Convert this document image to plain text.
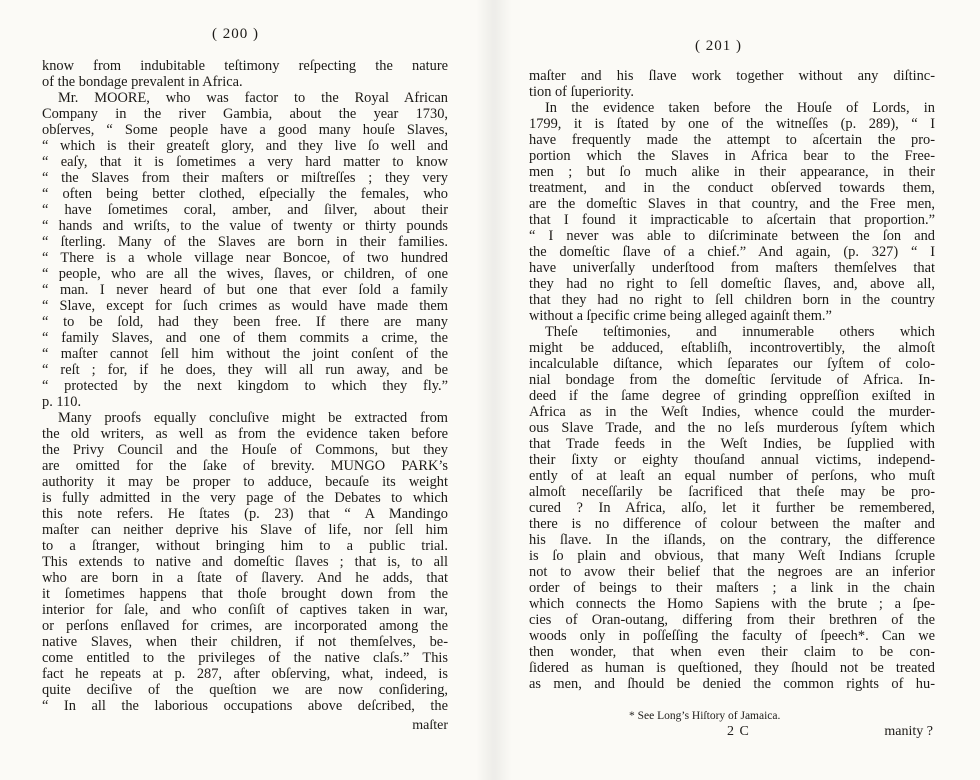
( 200 )
know from indubitable teſtimony reſpecting the nature
of the bondage prevalent in Africa.
Mr. MOORE, who was factor to the Royal African
Company in the river Gambia, about the year 1730,
obſerves, “ Some people have a good many houſe Slaves,
“ which is their greateſt glory, and they live ſo well and
“ eaſy, that it is ſometimes a very hard matter to know
“ the Slaves from their maſters or miſtreſſes ; they very
“ often being better clothed, eſpecially the females, who
“ have ſometimes coral, amber, and ſilver, about their
“ hands and wriſts, to the value of twenty or thirty pounds
“ ſterling. Many of the Slaves are born in their families.
“ There is a whole village near Boncoe, of two hundred
“ people, who are all the wives, ſlaves, or children, of one
“ man. I never heard of but one that ever ſold a family
“ Slave, except for ſuch crimes as would have made them
“ to be ſold, had they been free. If there are many
“ family Slaves, and one of them commits a crime, the
“ maſter cannot ſell him without the joint conſent of the
“ reſt ; for, if he does, they will all run away, and be
“ protected by the next kingdom to which they fly.”
p. 110.
Many proofs equally concluſive might be extracted from
the old writers, as well as from the evidence taken before
the Privy Council and the Houſe of Commons, but they
are omitted for the ſake of brevity. MUNGO PARK’s
authority it may be proper to adduce, becauſe its weight
is fully admitted in the very page of the Debates to which
this note refers. He ſtates (p. 23) that “ A Mandingo
maſter can neither deprive his Slave of life, nor ſell him
to a ſtranger, without bringing him to a public trial.
This extends to native and domeſtic ſlaves ; that is, to all
who are born in a ſtate of ſlavery. And he adds, that
it ſometimes happens that thoſe brought down from the
interior for ſale, and who conſiſt of captives taken in war,
or perſons enſlaved for crimes, are incorporated among the
native Slaves, when their children, if not themſelves, be-
come entitled to the privileges of the native claſs.” This
fact he repeats at p. 287, after obſerving, what, indeed, is
quite deciſive of the queſtion we are now conſidering,
“ In all the laborious occupations above deſcribed, the
maſter
( 201 )
maſter and his ſlave work together without any diſtinc-
tion of ſuperiority.
In the evidence taken before the Houſe of Lords, in
1799, it is ſtated by one of the witneſſes (p. 289), “ I
have frequently made the attempt to aſcertain the pro-
portion which the Slaves in Africa bear to the Free-
men ; but ſo much alike in their appearance, in their
treatment, and in the conduct obſerved towards them,
are the domeſtic Slaves in that country, and the Free men,
that I found it impracticable to aſcertain that proportion.”
“ I never was able to diſcriminate between the ſon and
the domeſtic ſlave of a chief.” And again, (p. 327) “ I
have univerſally underſtood from maſters themſelves that
they had no right to ſell domeſtic ſlaves, and, above all,
that they had no right to ſell children born in the country
without a ſpecific crime being alleged againſt them.”
Theſe teſtimonies, and innumerable others which
might be adduced, eſtabliſh, incontrovertibly, the almoſt
incalculable diſtance, which ſeparates our ſyſtem of colo-
nial bondage from the domeſtic ſervitude of Africa. In-
deed if the ſame degree of grinding oppreſſion exiſted in
Africa as in the Weſt Indies, whence could the murder-
ous Slave Trade, and the no leſs murderous ſyſtem which
that Trade feeds in the Weſt Indies, be ſupplied with
their ſixty or eighty thouſand annual victims, independ-
ently of at leaſt an equal number of perſons, who muſt
almoſt neceſſarily be ſacrificed that theſe may be pro-
cured ? In Africa, alſo, let it further be remembered,
there is no difference of colour between the maſter and
his ſlave. In the iſlands, on the contrary, the difference
is ſo plain and obvious, that many Weſt Indians ſcruple
not to avow their belief that the negroes are an inferior
order of beings to their maſters ; a link in the chain
which connects the Homo Sapiens with the brute ; a ſpe-
cies of Oran-outang, differing from their brethren of the
woods only in poſſeſſing the faculty of ſpeech*. Can we
then wonder, that when even their claim to be con-
ſidered as human is queſtioned, they ſhould not be treated
as men, and ſhould be denied the common rights of hu-
* See Long’s Hiſtory of Jamaica.
2 C	manity ?
